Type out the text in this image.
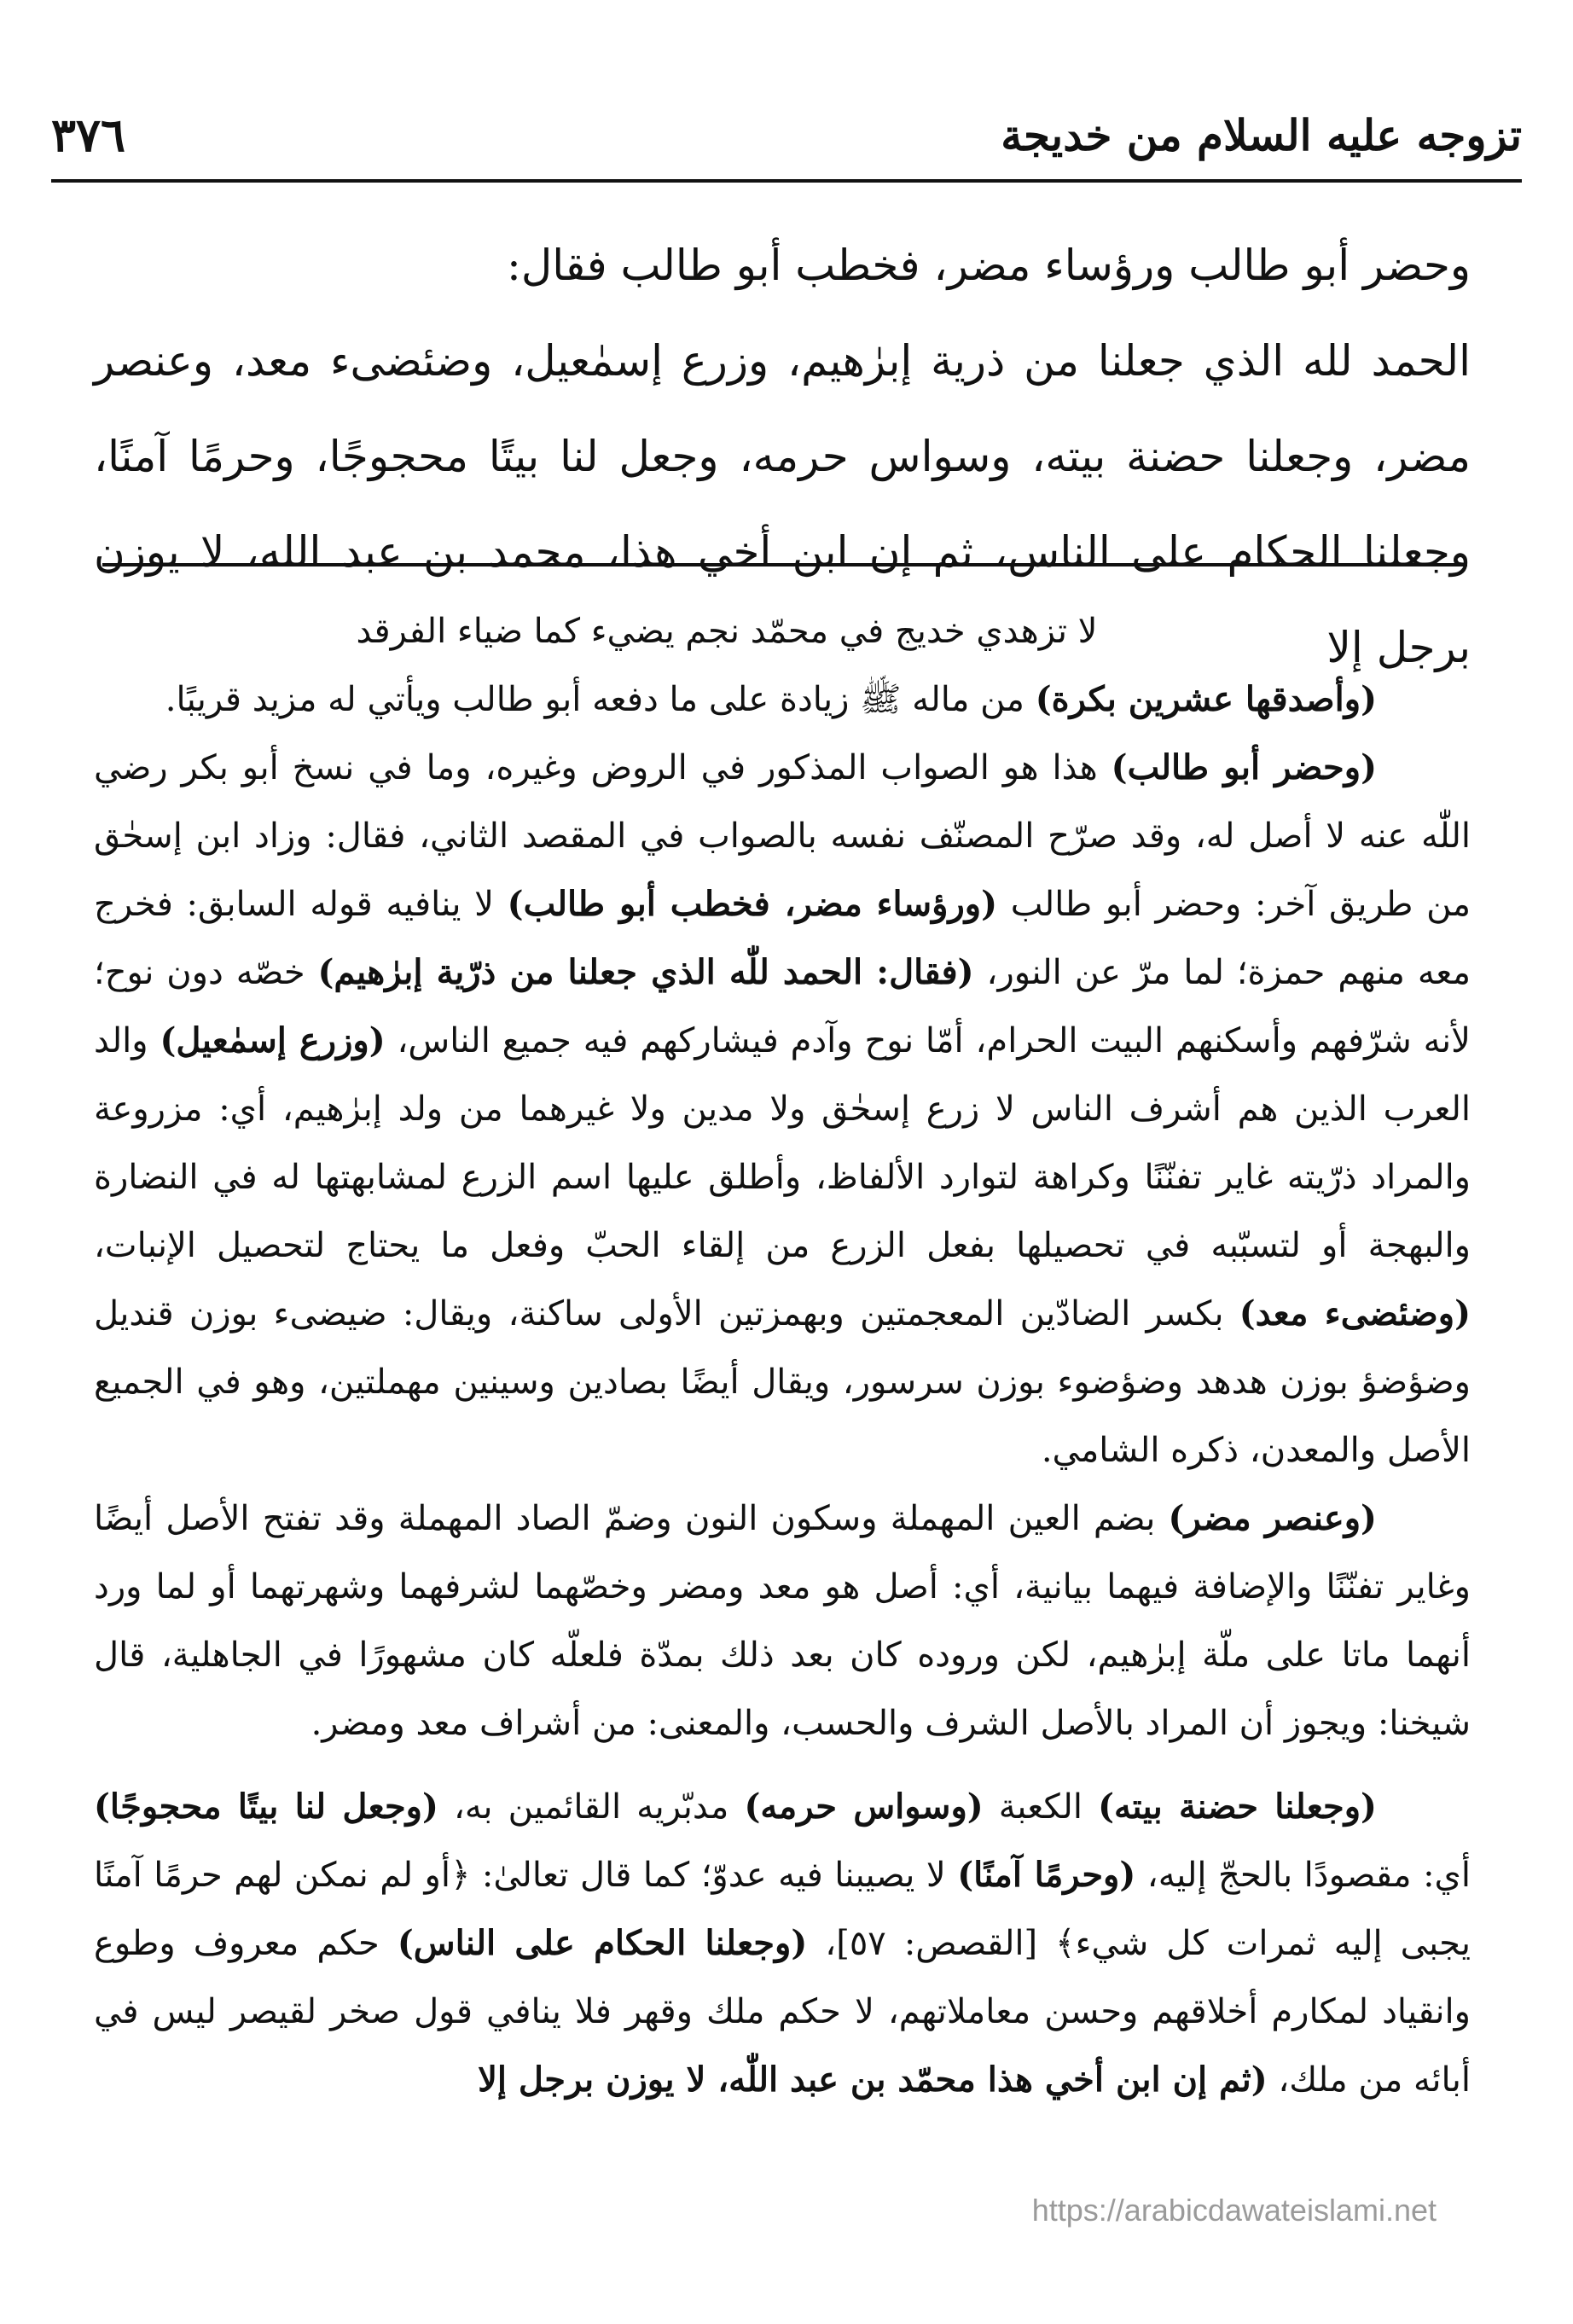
تزوجه عليه السلام من خديجة
٣٧٦

وحضر أبو طالب ورؤساء مضر، فخطب أبو طالب فقال:

الحمد لله الذي جعلنا من ذرية إبرٰهيم، وزرع إسمٰعيل، وضئضىء معد، وعنصر مضر، وجعلنا حضنة بيته، وسواس حرمه، وجعل لنا بيتًا محجوجًا، وحرمًا آمنًا، وجعلنا الحكام على الناس، ثم إن ابن أخي هذا، محمد بن عبد الله، لا يوزن برجل إلا

لا تزهدي خديج في محمّد نجم يضيء كما ضياء الفرقد

(وأصدقها عشرين بكرة) من ماله ﷺ زيادة على ما دفعه أبو طالب ويأتي له مزيد قريبًا.

(وحضر أبو طالب) هذا هو الصواب المذكور في الروض وغيره، وما في نسخ أبو بكر رضي اللّٰه عنه لا أصل له، وقد صرّح المصنّف نفسه بالصواب في المقصد الثاني، فقال: وزاد ابن إسحٰق من طريق آخر: وحضر أبو طالب (ورؤساء مضر، فخطب أبو طالب) لا ينافيه قوله السابق: فخرج معه منهم حمزة؛ لما مرّ عن النور، (فقال: الحمد للّٰه الذي جعلنا من ذرّية إبرٰهيم) خصّه دون نوح؛ لأنه شرّفهم وأسكنهم البيت الحرام، أمّا نوح وآدم فيشاركهم فيه جميع الناس، (وزرع إسمٰعيل) والد العرب الذين هم أشرف الناس لا زرع إسحٰق ولا مدين ولا غيرهما من ولد إبرٰهيم، أي: مزروعة والمراد ذرّيته غاير تفنّنًا وكراهة لتوارد الألفاظ، وأطلق عليها اسم الزرع لمشابهتها له في النضارة والبهجة أو لتسبّبه في تحصيلها بفعل الزرع من إلقاء الحبّ وفعل ما يحتاج لتحصيل الإنبات، (وضئضىء معد) بكسر الضادّين المعجمتين وبهمزتين الأولى ساكنة، ويقال: ضيضىء بوزن قنديل وضؤضؤ بوزن هدهد وضؤضوء بوزن سرسور، ويقال أيضًا بصادين وسينين مهملتين، وهو في الجميع الأصل والمعدن، ذكره الشامي.

(وعنصر مضر) بضم العين المهملة وسكون النون وضمّ الصاد المهملة وقد تفتح الأصل أيضًا وغاير تفنّنًا والإضافة فيهما بيانية، أي: أصل هو معد ومضر وخصّهما لشرفهما وشهرتهما أو لما ورد أنهما ماتا على ملّة إبرٰهيم، لكن وروده كان بعد ذلك بمدّة فلعلّه كان مشهورًا في الجاهلية، قال شيخنا: ويجوز أن المراد بالأصل الشرف والحسب، والمعنى: من أشراف معد ومضر.

(وجعلنا حضنة بيته) الكعبة (وسواس حرمه) مدبّريه القائمين به، (وجعل لنا بيتًا محجوجًا) أي: مقصودًا بالحجّ إليه، (وحرمًا آمنًا) لا يصيبنا فيه عدوّ؛ كما قال تعالىٰ: ﴿أو لم نمكن لهم حرمًا آمنًا يجبى إليه ثمرات كل شيء﴾ [القصص: ٥٧]، (وجعلنا الحكام على الناس) حكم معروف وطوع وانقياد لمكارم أخلاقهم وحسن معاملاتهم، لا حكم ملك وقهر فلا ينافي قول صخر لقيصر ليس في أبائه من ملك، (ثم إن ابن أخي هذا محمّد بن عبد اللّٰه، لا يوزن برجل إلا

https://arabicdawateislami.net
